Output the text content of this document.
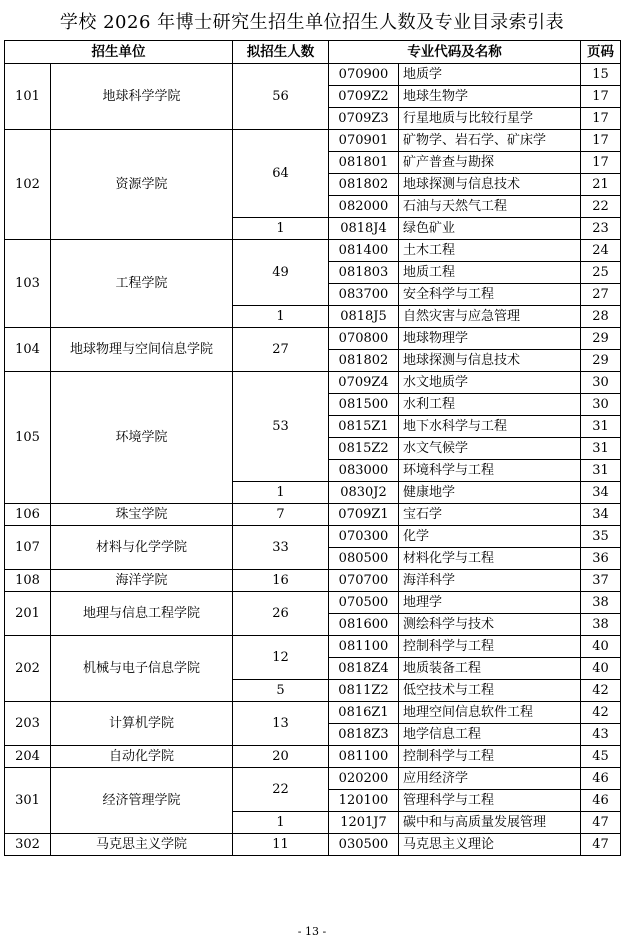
学校 2026 年博士研究生招生单位招生人数及专业目录索引表
招生单位		拟招生人数	专业代码及名称		页码
101	地球科学学院	56	070900	地质学	15
			0709Z2	地球生物学	17
			0709Z3	行星地质与比较行星学	17
102	资源学院	64	070901	矿物学、岩石学、矿床学	17
			081801	矿产普查与勘探	17
			081802	地球探测与信息技术	21
			082000	石油与天然气工程	22
		1	0818J4	绿色矿业	23
103	工程学院	49	081400	土木工程	24
			081803	地质工程	25
			083700	安全科学与工程	27
		1	0818J5	自然灾害与应急管理	28
104	地球物理与空间信息学院	27	070800	地球物理学	29
			081802	地球探测与信息技术	29
105	环境学院	53	0709Z4	水文地质学	30
			081500	水利工程	30
			0815Z1	地下水科学与工程	31
			0815Z2	水文气候学	31
			083000	环境科学与工程	31
		1	0830J2	健康地学	34
106	珠宝学院	7	0709Z1	宝石学	34
107	材料与化学学院	33	070300	化学	35
			080500	材料化学与工程	36
108	海洋学院	16	070700	海洋科学	37
201	地理与信息工程学院	26	070500	地理学	38
			081600	测绘科学与技术	38
202	机械与电子信息学院	12	081100	控制科学与工程	40
			0818Z4	地质装备工程	40
		5	0811Z2	低空技术与工程	42
203	计算机学院	13	0816Z1	地理空间信息软件工程	42
			0818Z3	地学信息工程	43
204	自动化学院	20	081100	控制科学与工程	45
301	经济管理学院	22	020200	应用经济学	46
			120100	管理科学与工程	46
		1	1201J7	碳中和与高质量发展管理	47
302	马克思主义学院	11	030500	马克思主义理论	47
- 13 -
